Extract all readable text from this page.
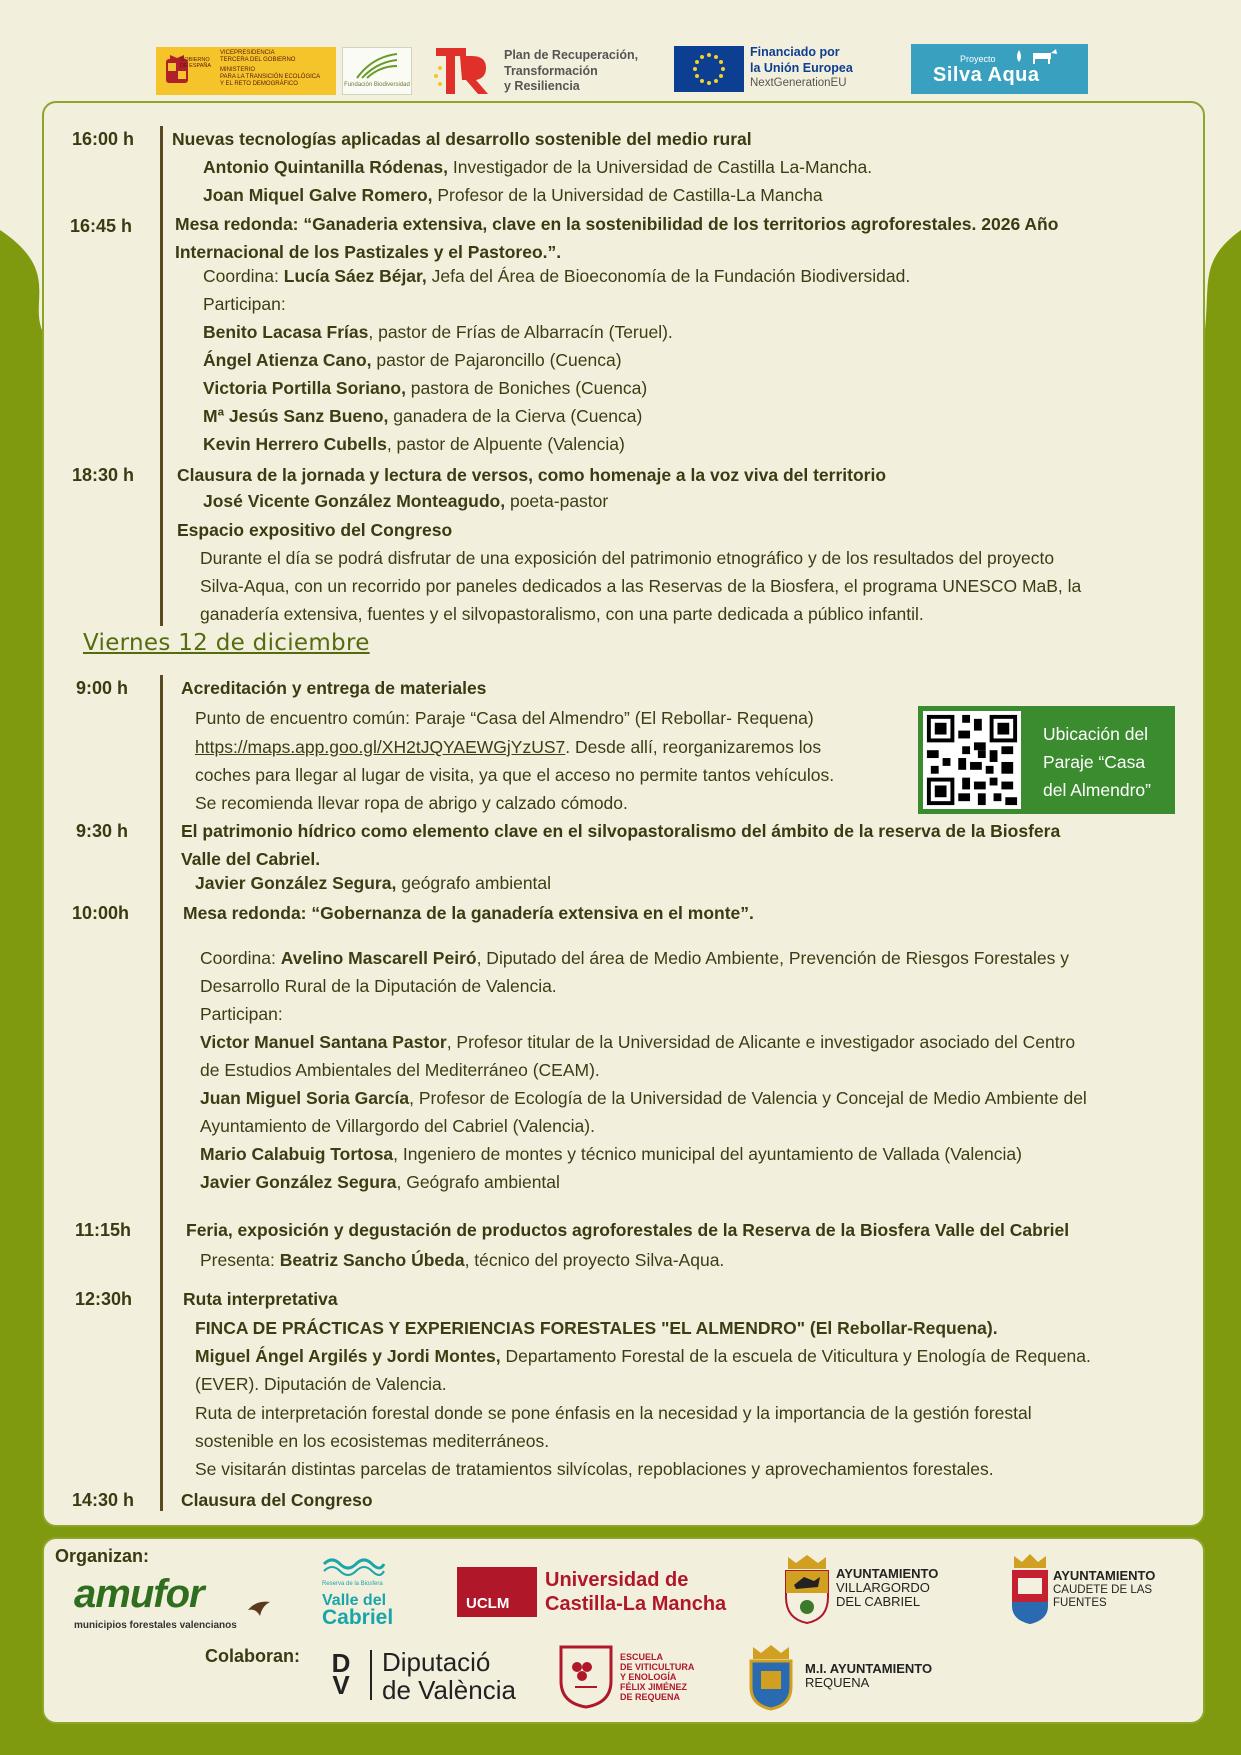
GOBIERNO
DE ESPAÑA
VICEPRESIDENCIA
TERCERA DEL GOBIERNO
MINISTERIO
PARA LA TRANSICIÓN ECOLÓGICA
Y EL RETO DEMOGRÁFICO	Fundación Biodiversidad
Plan de Recuperación,
Transformación
y Resiliencia
Financiado por
la Unión Europea
NextGenerationEU
Proyecto
Silva Aqua
16:00 h Nuevas tecnologías aplicadas al desarrollo sostenible del medio rural
Antonio Quintanilla Ródenas, Investigador de la Universidad de Castilla La-Mancha.
Joan Miquel Galve Romero, Profesor de la Universidad de Castilla-La Mancha
16:45 h Mesa redonda: “Ganaderia extensiva, clave en la sostenibilidad de los territorios agroforestales. 2026 Año
Internacional de los Pastizales y el Pastoreo.”.
Coordina: Lucía Sáez Béjar, Jefa del Área de Bioeconomía de la Fundación Biodiversidad.
Participan:
Benito Lacasa Frías, pastor de Frías de Albarracín (Teruel).
Ángel Atienza Cano, pastor de Pajaroncillo (Cuenca)
Victoria Portilla Soriano, pastora de Boniches (Cuenca)
Mª Jesús Sanz Bueno, ganadera de la Cierva (Cuenca)
Kevin Herrero Cubells, pastor de Alpuente (Valencia)
18:30 h Clausura de la jornada y lectura de versos, como homenaje a la voz viva del territorio
José Vicente González Monteagudo, poeta-pastor
Espacio expositivo del Congreso
Durante el día se podrá disfrutar de una exposición del patrimonio etnográfico y de los resultados del proyecto
Silva-Aqua, con un recorrido por paneles dedicados a las Reservas de la Biosfera, el programa UNESCO MaB, la
ganadería extensiva, fuentes y el silvopastoralismo, con una parte dedicada a público infantil.
Viernes 12 de diciembre
9:00 h	Acreditación y entrega de materiales
Punto de encuentro común: Paraje “Casa del Almendro” (El Rebollar- Requena)
https://maps.app.goo.gl/XH2tJQYAEWGjYzUS7. Desde allí, reorganizaremos los
coches para llegar al lugar de visita, ya que el acceso no permite tantos vehículos.
Se recomienda llevar ropa de abrigo y calzado cómodo.
Ubicación del
Paraje “Casa
del Almendro”
9:30 h	El patrimonio hídrico como elemento clave en el silvopastoralismo del ámbito de la reserva de la Biosfera
Valle del Cabriel.
Javier González Segura, geógrafo ambiental
10:00h	Mesa redonda: “Gobernanza de la ganadería extensiva en el monte”.
Coordina: Avelino Mascarell Peiró, Diputado del área de Medio Ambiente, Prevención de Riesgos Forestales y
Desarrollo Rural de la Diputación de Valencia.
Participan:
Victor Manuel Santana Pastor, Profesor titular de la Universidad de Alicante e investigador asociado del Centro
de Estudios Ambientales del Mediterráneo (CEAM).
Juan Miguel Soria García, Profesor de Ecología de la Universidad de Valencia y Concejal de Medio Ambiente del
Ayuntamiento de Villargordo del Cabriel (Valencia).
Mario Calabuig Tortosa, Ingeniero de montes y técnico municipal del ayuntamiento de Vallada (Valencia)
Javier González Segura, Geógrafo ambiental
11:15h	Feria, exposición y degustación de productos agroforestales de la Reserva de la Biosfera Valle del Cabriel
Presenta: Beatriz Sancho Úbeda, técnico del proyecto Silva-Aqua.
12:30h	Ruta interpretativa
FINCA DE PRÁCTICAS Y EXPERIENCIAS FORESTALES "EL ALMENDRO" (El Rebollar-Requena).
Miguel Ángel Argilés y Jordi Montes, Departamento Forestal de la escuela de Viticultura y Enología de Requena.
(EVER). Diputación de Valencia.
Ruta de interpretación forestal donde se pone énfasis en la necesidad y la importancia de la gestión forestal
sostenible en los ecosistemas mediterráneos.
Se visitarán distintas parcelas de tratamientos silvícolas, repoblaciones y aprovechamientos forestales.
14:30 h	Clausura del Congreso
Organizan:
Colaboran:
amufor
municipios forestales valencianos
Reserva de la Biosfera
Valle del
Cabriel
UCLM
Universidad de
Castilla-La Mancha
AYUNTAMIENTO
VILLARGORDO
DEL CABRIEL
AYUNTAMIENTO
CAUDETE DE LAS
FUENTES
D
V
Diputació
de València
ESCUELA
DE VITICULTURA
Y ENOLOGÍA
FÉLIX JIMÉNEZ
DE REQUENA
M.I. AYUNTAMIENTO
REQUENA
